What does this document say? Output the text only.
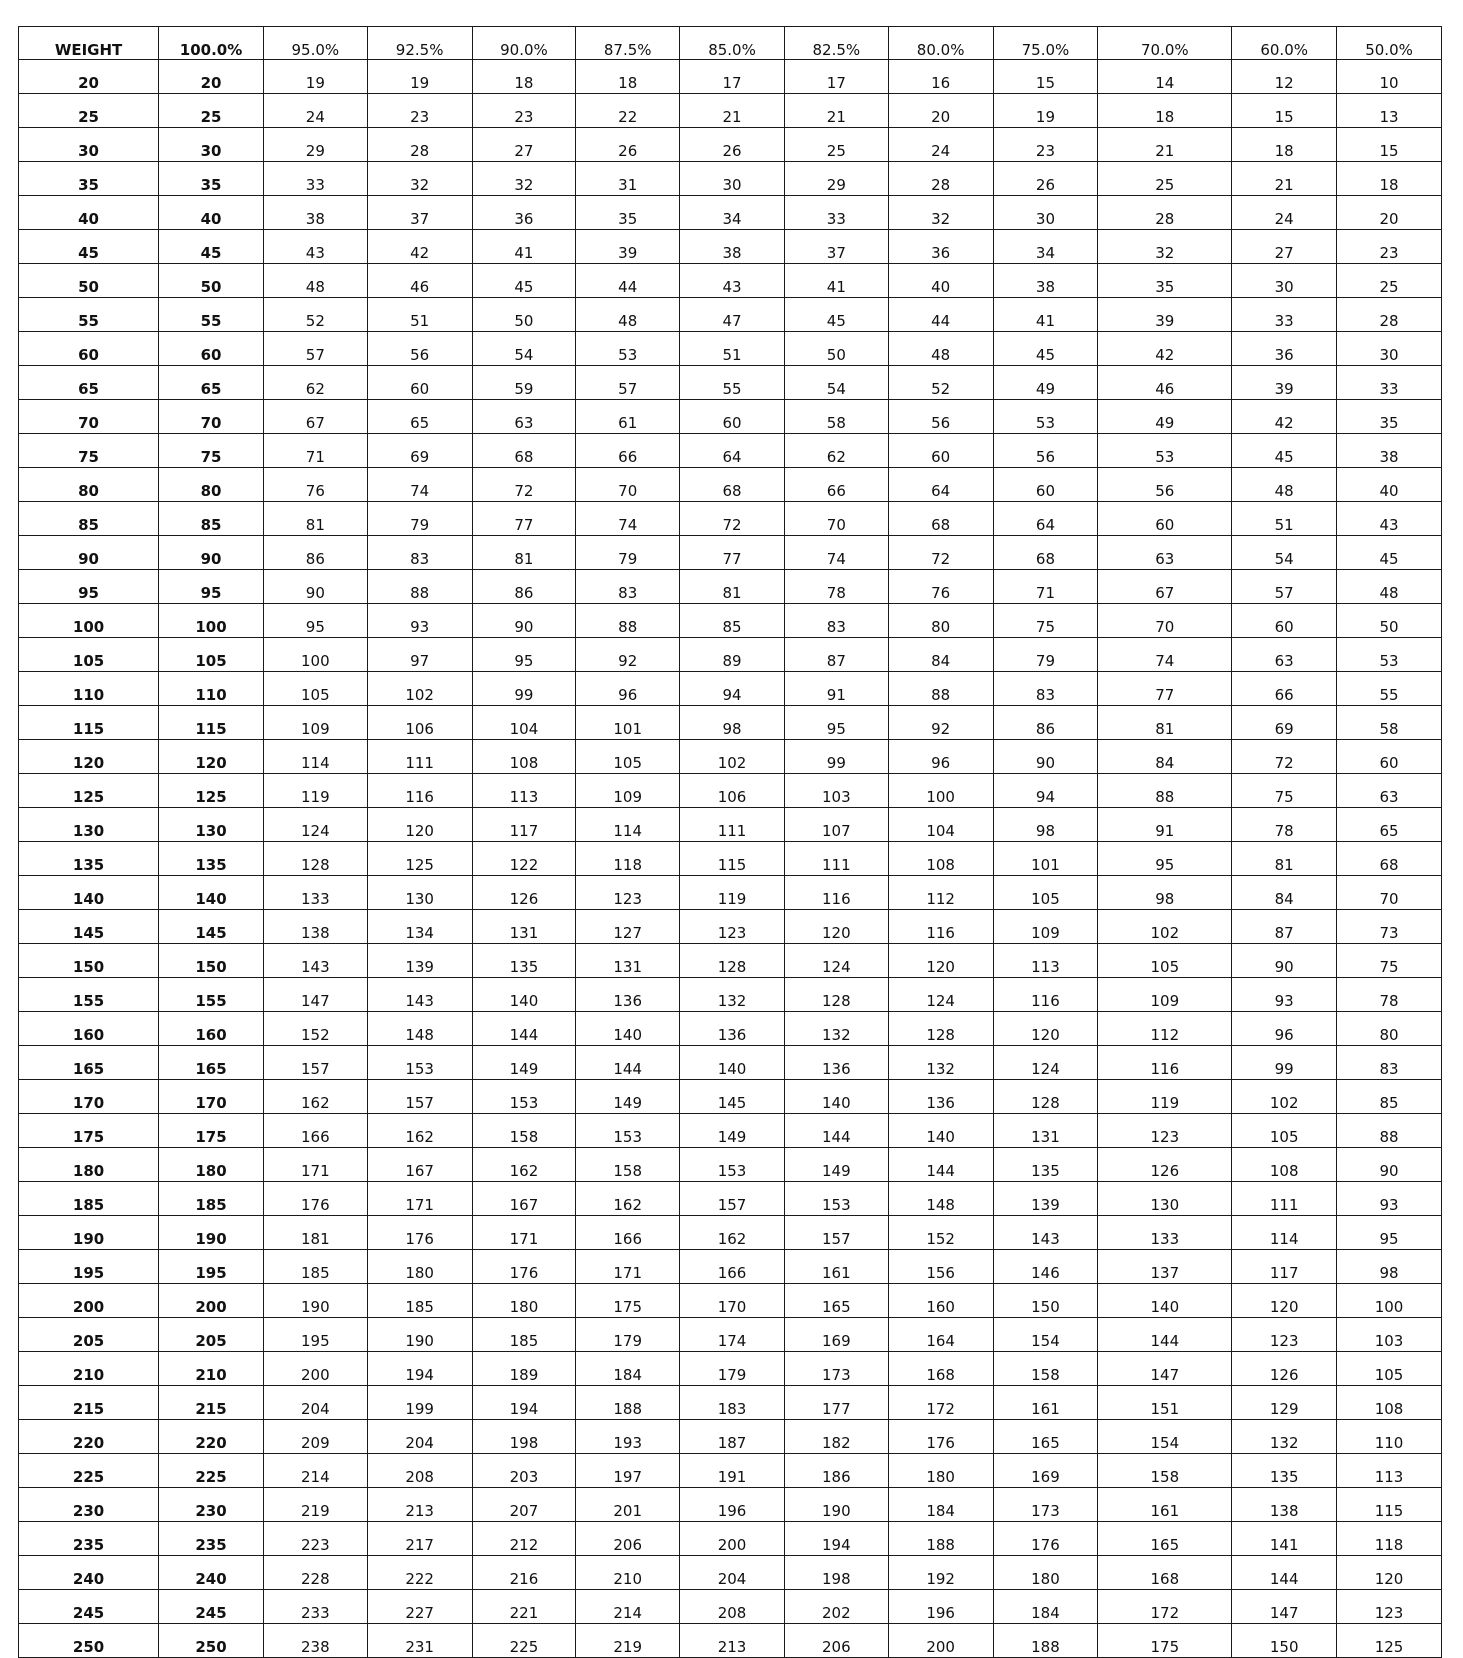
WEIGHT	100.0%	95.0%	92.5%	90.0%	87.5%	85.0%	82.5%	80.0%	75.0%	70.0%	60.0%	50.0%
20	20	19	19	18	18	17	17	16	15	14	12	10
25	25	24	23	23	22	21	21	20	19	18	15	13
30	30	29	28	27	26	26	25	24	23	21	18	15
35	35	33	32	32	31	30	29	28	26	25	21	18
40	40	38	37	36	35	34	33	32	30	28	24	20
45	45	43	42	41	39	38	37	36	34	32	27	23
50	50	48	46	45	44	43	41	40	38	35	30	25
55	55	52	51	50	48	47	45	44	41	39	33	28
60	60	57	56	54	53	51	50	48	45	42	36	30
65	65	62	60	59	57	55	54	52	49	46	39	33
70	70	67	65	63	61	60	58	56	53	49	42	35
75	75	71	69	68	66	64	62	60	56	53	45	38
80	80	76	74	72	70	68	66	64	60	56	48	40
85	85	81	79	77	74	72	70	68	64	60	51	43
90	90	86	83	81	79	77	74	72	68	63	54	45
95	95	90	88	86	83	81	78	76	71	67	57	48
100	100	95	93	90	88	85	83	80	75	70	60	50
105	105	100	97	95	92	89	87	84	79	74	63	53
110	110	105	102	99	96	94	91	88	83	77	66	55
115	115	109	106	104	101	98	95	92	86	81	69	58
120	120	114	111	108	105	102	99	96	90	84	72	60
125	125	119	116	113	109	106	103	100	94	88	75	63
130	130	124	120	117	114	111	107	104	98	91	78	65
135	135	128	125	122	118	115	111	108	101	95	81	68
140	140	133	130	126	123	119	116	112	105	98	84	70
145	145	138	134	131	127	123	120	116	109	102	87	73
150	150	143	139	135	131	128	124	120	113	105	90	75
155	155	147	143	140	136	132	128	124	116	109	93	78
160	160	152	148	144	140	136	132	128	120	112	96	80
165	165	157	153	149	144	140	136	132	124	116	99	83
170	170	162	157	153	149	145	140	136	128	119	102	85
175	175	166	162	158	153	149	144	140	131	123	105	88
180	180	171	167	162	158	153	149	144	135	126	108	90
185	185	176	171	167	162	157	153	148	139	130	111	93
190	190	181	176	171	166	162	157	152	143	133	114	95
195	195	185	180	176	171	166	161	156	146	137	117	98
200	200	190	185	180	175	170	165	160	150	140	120	100
205	205	195	190	185	179	174	169	164	154	144	123	103
210	210	200	194	189	184	179	173	168	158	147	126	105
215	215	204	199	194	188	183	177	172	161	151	129	108
220	220	209	204	198	193	187	182	176	165	154	132	110
225	225	214	208	203	197	191	186	180	169	158	135	113
230	230	219	213	207	201	196	190	184	173	161	138	115
235	235	223	217	212	206	200	194	188	176	165	141	118
240	240	228	222	216	210	204	198	192	180	168	144	120
245	245	233	227	221	214	208	202	196	184	172	147	123
250	250	238	231	225	219	213	206	200	188	175	150	125
